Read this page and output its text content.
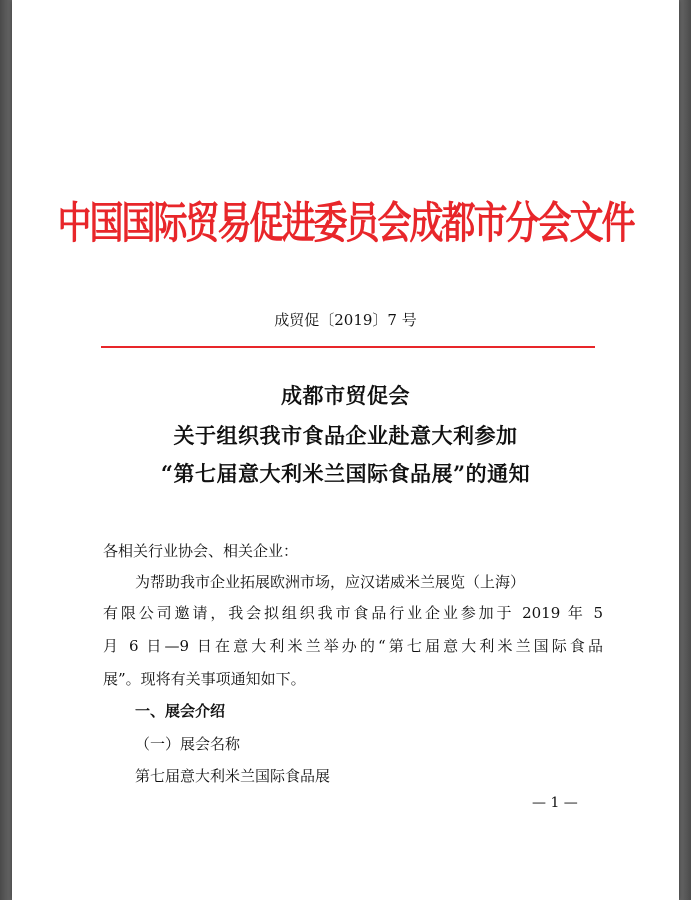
中国国际贸易促进委员会成都市分会文件
成贸促〔2019〕7 号
成都市贸促会
关于组织我市食品企业赴意大利参加
“第七届意大利米兰国际食品展”的通知
各相关行业协会、相关企业：
为帮助我市企业拓展欧洲市场，应汉诺威米兰展览（上海）
有限公司邀请，我会拟组织我市食品行业企业参加于 2019 年 5
月 6 日—9 日在意大利米兰举办的“第七届意大利米兰国际食品
展”。现将有关事项通知如下。
一、展会介绍
（一）展会名称
第七届意大利米兰国际食品展
— 1 —
